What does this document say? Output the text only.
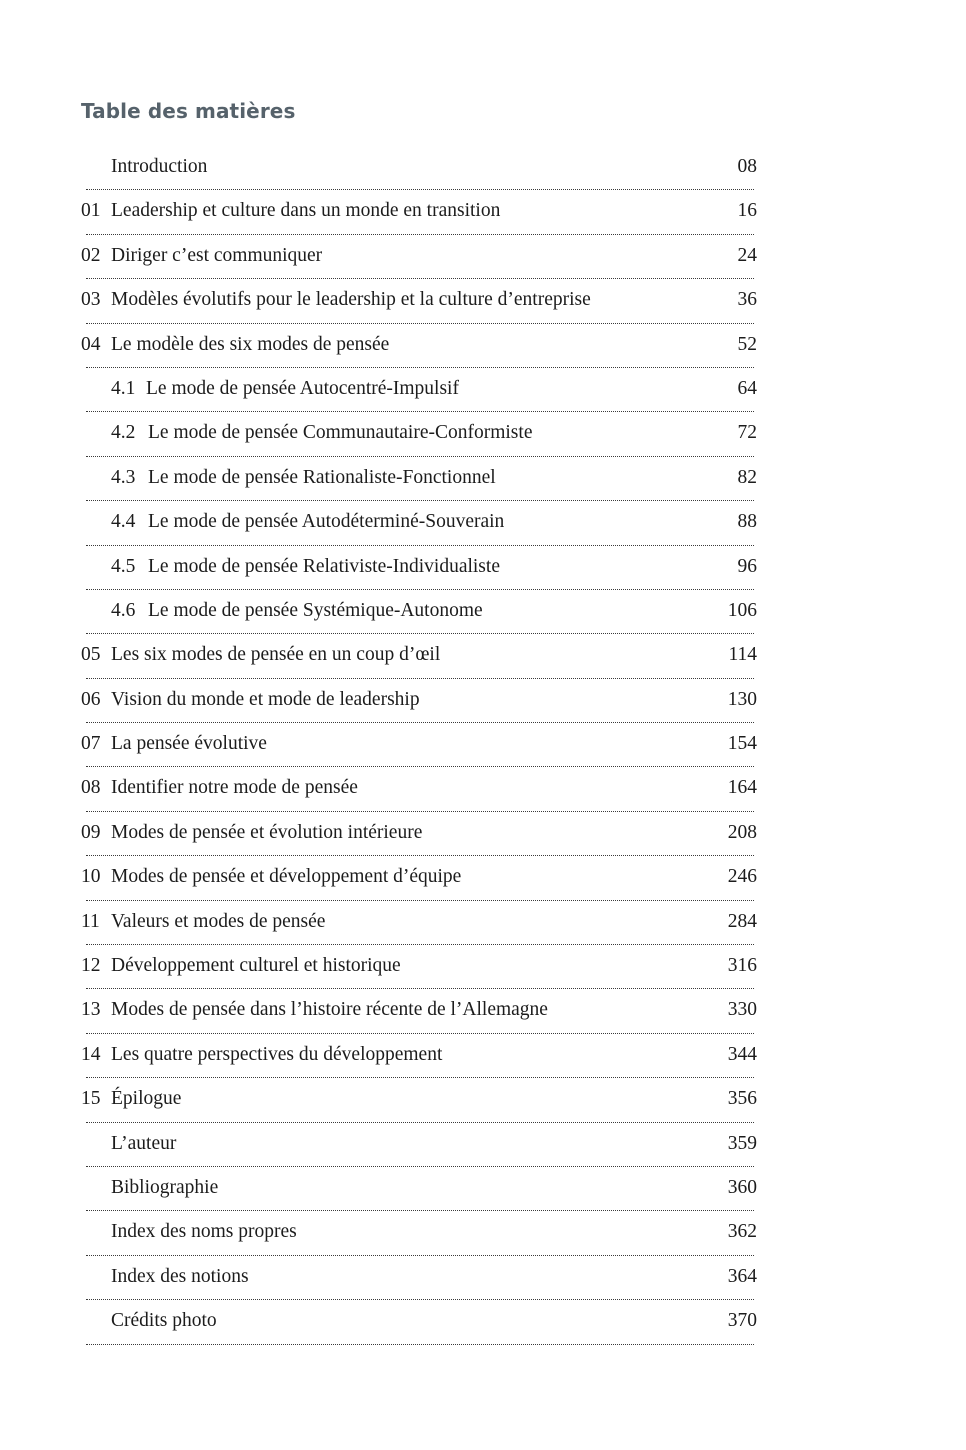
Table des matières
Introduction	08
01 Leadership et culture dans un monde en transition	16
02 Diriger c’est communiquer	24
03 Modèles évolutifs pour le leadership et la culture d’entreprise	36
04 Le modèle des six modes de pensée	52
4.1 Le mode de pensée Autocentré-Impulsif	64
4.2 Le mode de pensée Communautaire-Conformiste	72
4.3 Le mode de pensée Rationaliste-Fonctionnel	82
4.4 Le mode de pensée Autodéterminé-Souverain	88
4.5 Le mode de pensée Relativiste-Individualiste	96
4.6 Le mode de pensée Systémique-Autonome	106
05 Les six modes de pensée en un coup d’œil	114
06 Vision du monde et mode de leadership	130
07 La pensée évolutive	154
08 Identifier notre mode de pensée	164
09 Modes de pensée et évolution intérieure	208
10 Modes de pensée et développement d’équipe	246
11 Valeurs et modes de pensée	284
12 Développement culturel et historique	316
13 Modes de pensée dans l’histoire récente de l’Allemagne	330
14 Les quatre perspectives du développement	344
15 Épilogue	356
L’auteur	359
Bibliographie	360
Index des noms propres	362
Index des notions	364
Crédits photo	370
